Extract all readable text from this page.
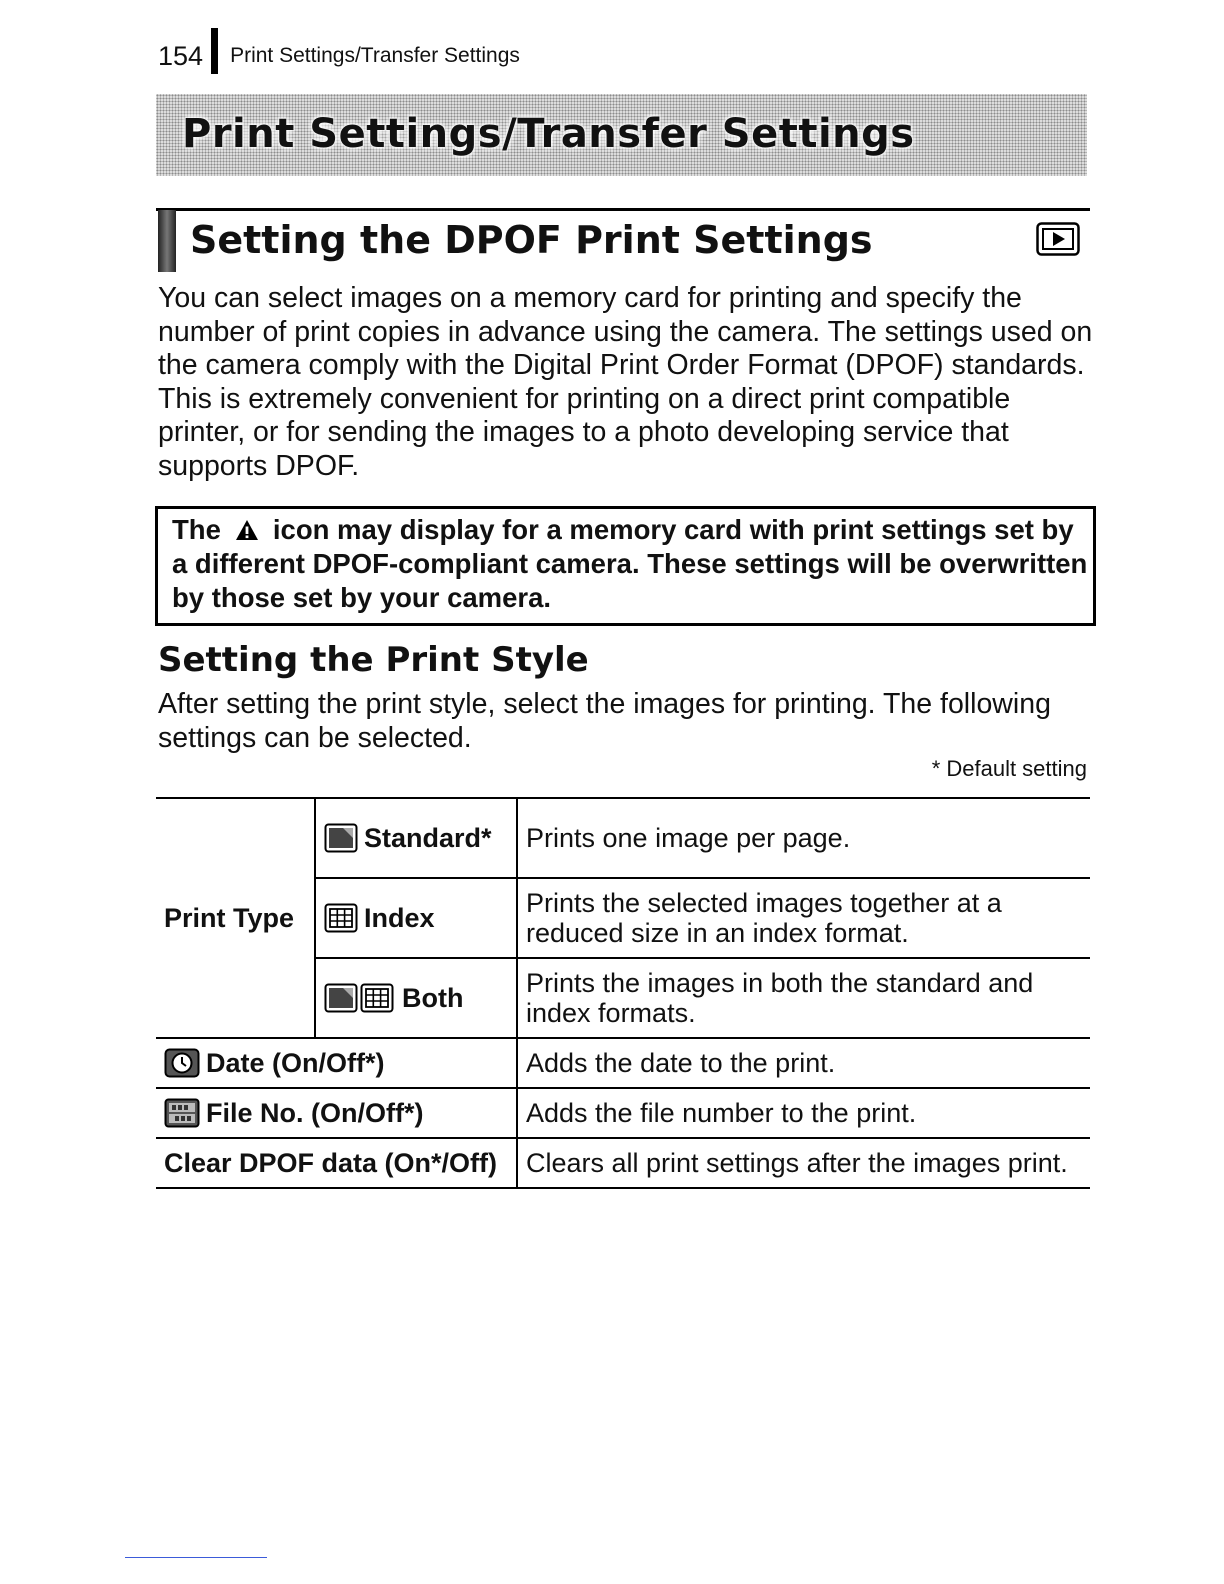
154	Print Settings/Transfer Settings
Print Settings/Transfer Settings
Setting the DPOF Print Settings

You can select images on a memory card for printing and specify the number of print copies in advance using the camera. The settings used on the camera comply with the Digital Print Order Format (DPOF) standards. This is extremely convenient for printing on a direct print compatible printer, or for sending the images to a photo developing service that supports DPOF.

The icon may display for a memory card with print settings set by a different DPOF-compliant camera. These settings will be overwritten by those set by your camera.

Setting the Print Style

After setting the print style, select the images for printing. The following settings can be selected.

* Default setting
Print Type	Standard*	Prints one image per page.
	Index	Prints the selected images together at a reduced size in an index format.
	Both	Prints the images in both the standard and index formats.
Date (On/Off*)		Adds the date to the print.
File No. (On/Off*)		Adds the file number to the print.
Clear DPOF data (On*/Off)		Clears all print settings after the images print.
